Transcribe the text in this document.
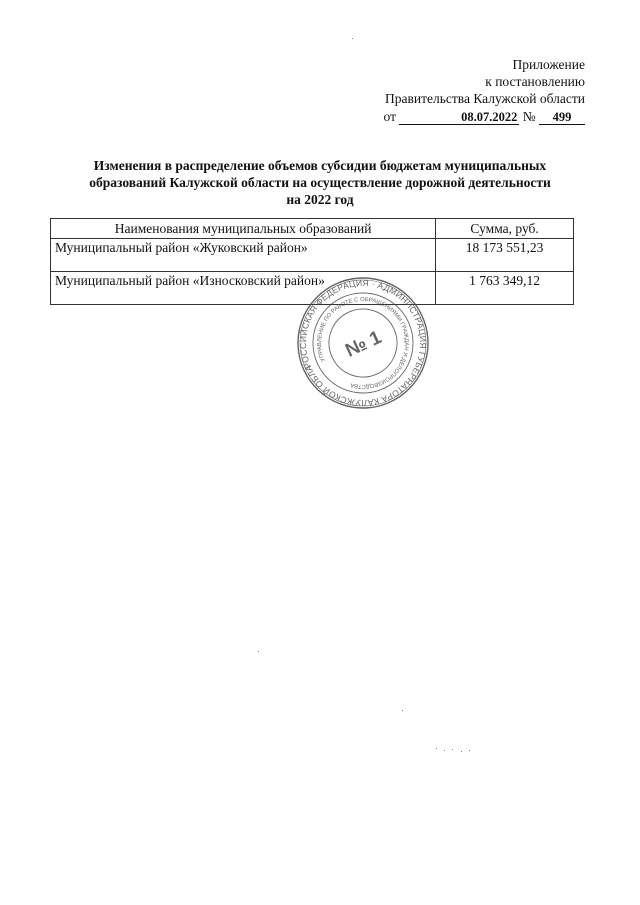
Приложение
к постановлению
Правительства Калужской области
от	08.07.2022 № 499
Изменения в распределение объемов субсидии бюджетам муниципальных
образований Калужской области на осуществление дорожной деятельности
на 2022 год
Наименования муниципальных образований	Сумма, руб.
Муниципальный район «Жуковский район»	18 173 551,23
Муниципальный район «Износковский район»	1 763 349,12
РОССИЙСКАЯ ФЕДЕРАЦИЯ · АДМИНИСТРАЦИЯ ГУБЕРНАТОРА КАЛУЖСКОЙ ОБЛАСТИ
УПРАВЛЕНИЕ ПО РАБОТЕ С ОБРАЩЕНИЯМИ ГРАЖДАН И ДЕЛОПРОИЗВОДСТВА
№ 1
